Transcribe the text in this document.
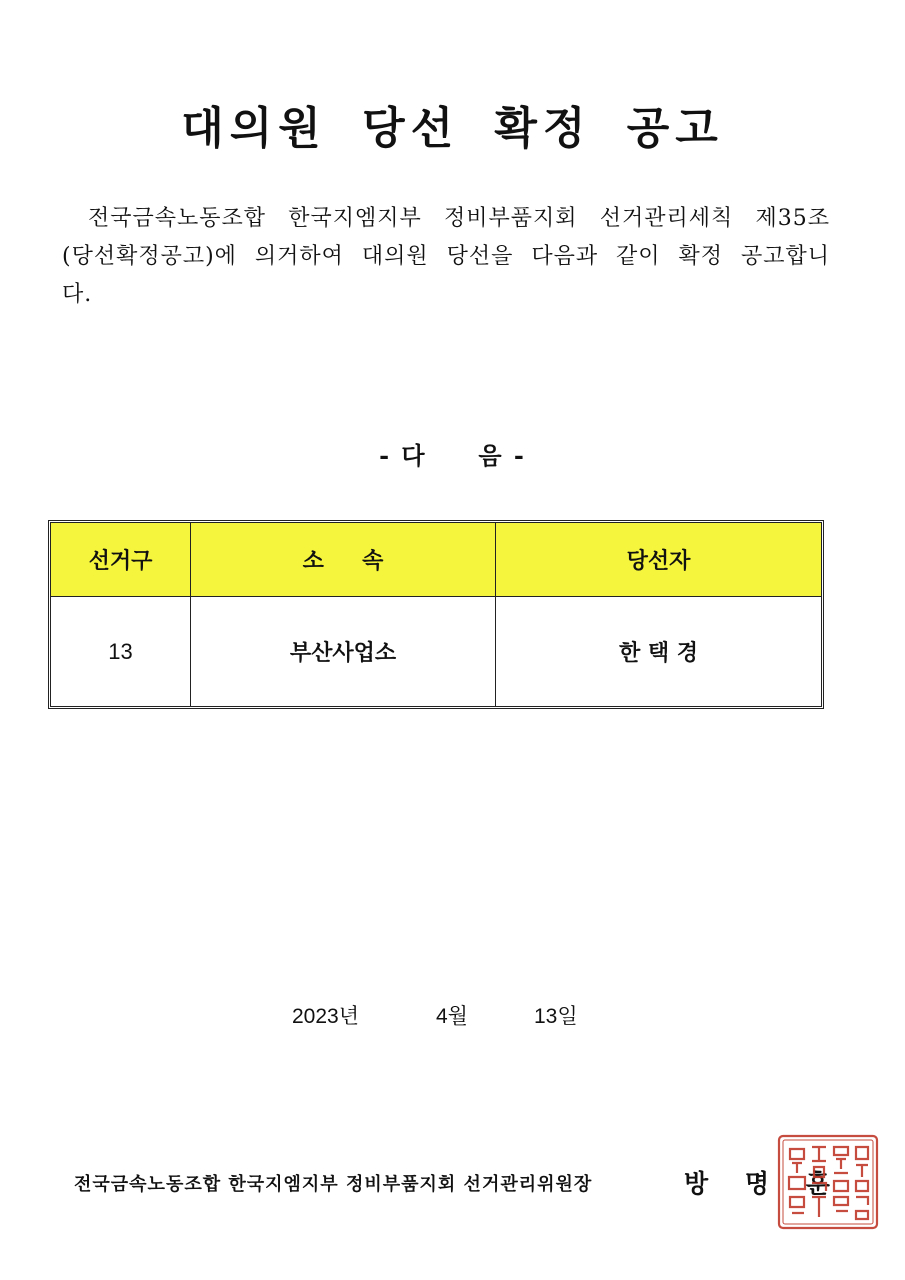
대의원 당선 확정 공고
전국금속노동조합 한국지엠지부 정비부품지회 선거관리세칙 제35조(당선확정공고)에 의거하여 대의원 당선을 다음과 같이 확정 공고합니다.
- 다     음 -
선거구	소     속	당선자
13	부산사업소	한 택 경
2023년	4월	13일
전국금속노동조합 한국지엠지부 정비부품지회 선거관리위원장	방 명 훈
